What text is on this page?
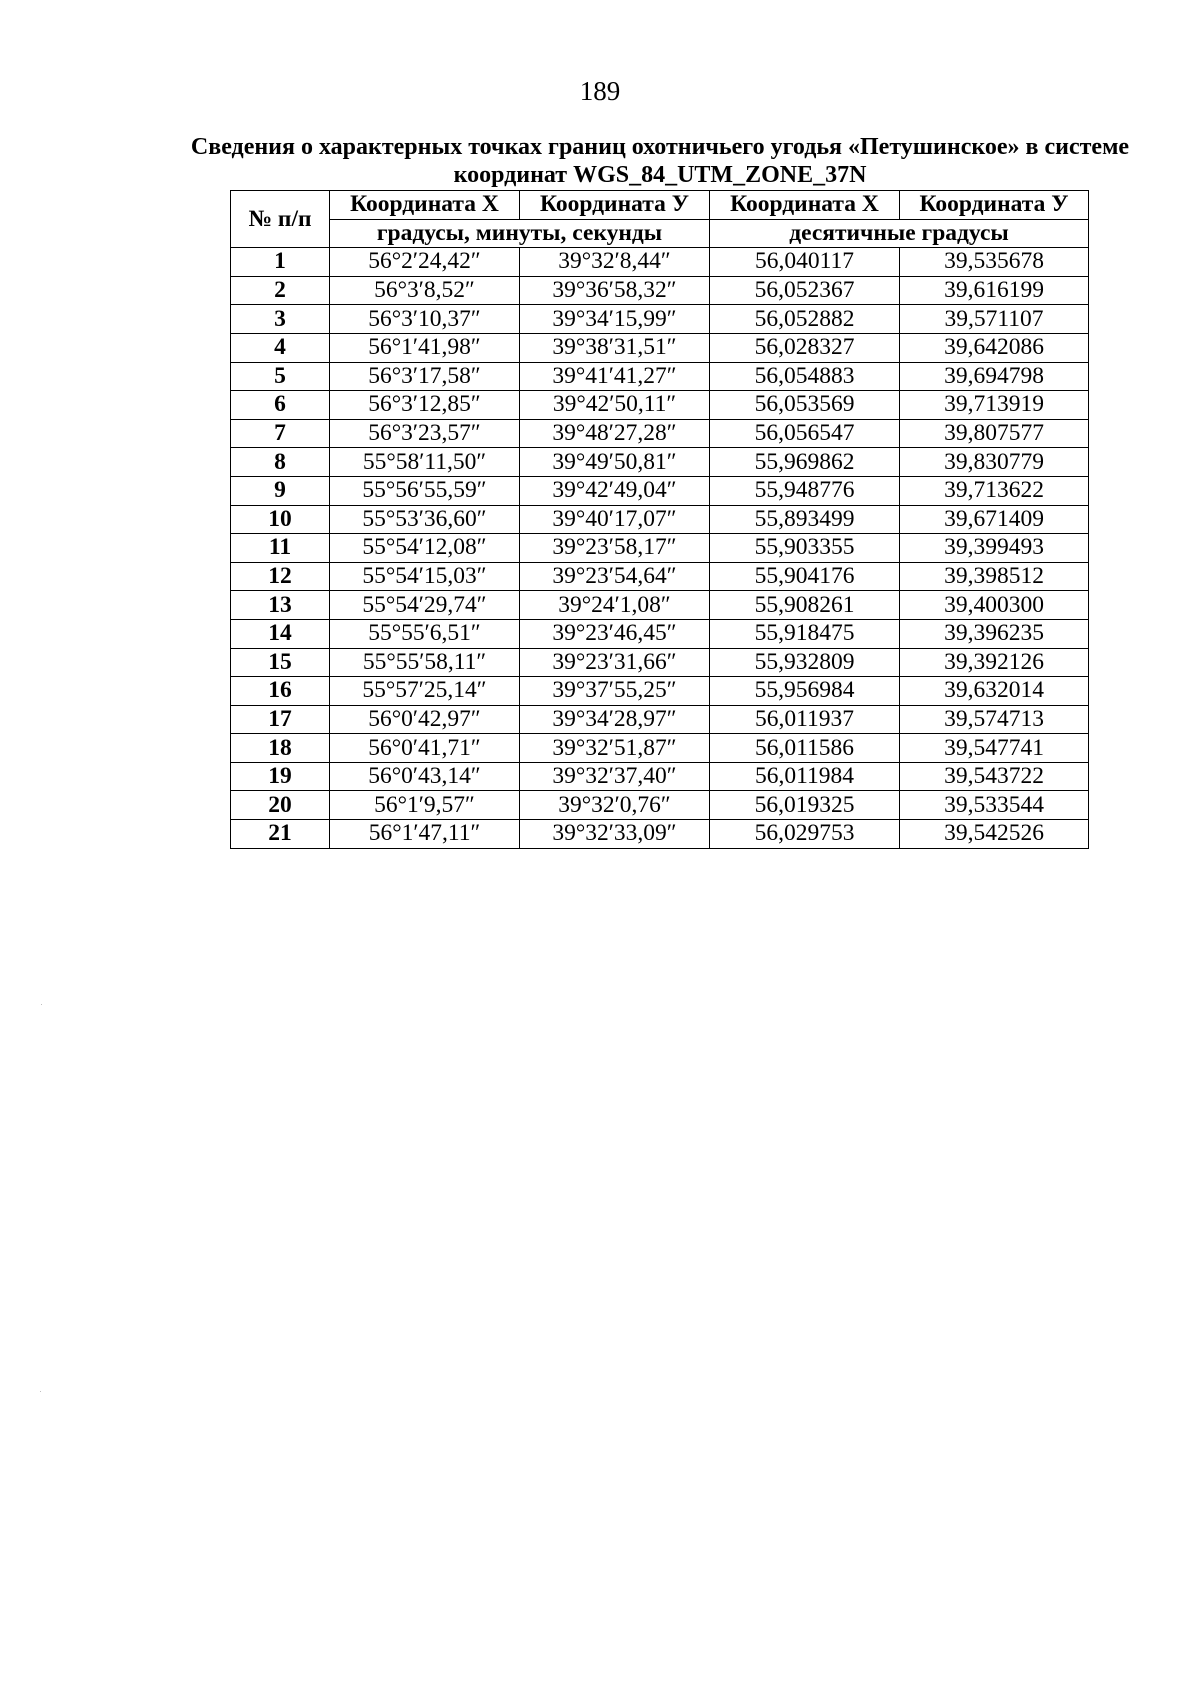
189
Сведения о характерных точках границ охотничьего угодья «Петушинское» в системе
координат WGS_84_UTM_ZONE_37N
№ п/п	Координата Х	Координата У	Координата Х	Координата У
	градусы, минуты, секунды		десятичные градусы	
1	56°2′24,42″	39°32′8,44″	56,040117	39,535678
2	56°3′8,52″	39°36′58,32″	56,052367	39,616199
3	56°3′10,37″	39°34′15,99″	56,052882	39,571107
4	56°1′41,98″	39°38′31,51″	56,028327	39,642086
5	56°3′17,58″	39°41′41,27″	56,054883	39,694798
6	56°3′12,85″	39°42′50,11″	56,053569	39,713919
7	56°3′23,57″	39°48′27,28″	56,056547	39,807577
8	55°58′11,50″	39°49′50,81″	55,969862	39,830779
9	55°56′55,59″	39°42′49,04″	55,948776	39,713622
10	55°53′36,60″	39°40′17,07″	55,893499	39,671409
11	55°54′12,08″	39°23′58,17″	55,903355	39,399493
12	55°54′15,03″	39°23′54,64″	55,904176	39,398512
13	55°54′29,74″	39°24′1,08″	55,908261	39,400300
14	55°55′6,51″	39°23′46,45″	55,918475	39,396235
15	55°55′58,11″	39°23′31,66″	55,932809	39,392126
16	55°57′25,14″	39°37′55,25″	55,956984	39,632014
17	56°0′42,97″	39°34′28,97″	56,011937	39,574713
18	56°0′41,71″	39°32′51,87″	56,011586	39,547741
19	56°0′43,14″	39°32′37,40″	56,011984	39,543722
20	56°1′9,57″	39°32′0,76″	56,019325	39,533544
21	56°1′47,11″	39°32′33,09″	56,029753	39,542526
